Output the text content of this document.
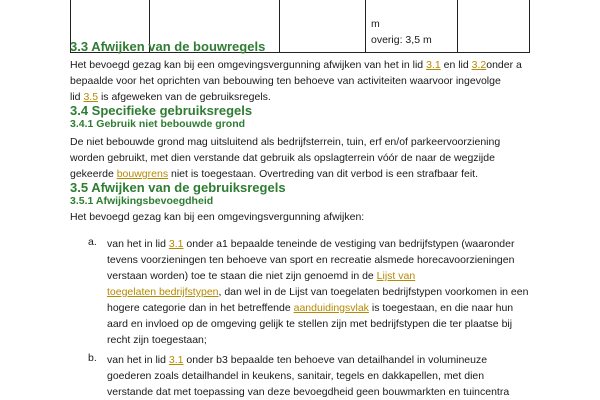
m
overig: 3,5 m
3.3 Afwijken van de bouwregels
Het bevoegd gezag kan bij een omgevingsvergunning afwijken van het in lid 3.1 en lid 3.2onder a
bepaalde voor het oprichten van bebouwing ten behoeve van activiteiten waarvoor ingevolge
lid 3.5 is afgeweken van de gebruiksregels.
3.4 Specifieke gebruiksregels
3.4.1 Gebruik niet bebouwde grond
De niet bebouwde grond mag uitsluitend als bedrijfsterrein, tuin, erf en/of parkeervoorziening
worden gebruikt, met dien verstande dat gebruik als opslagterrein vóór de naar de wegzijde
gekeerde bouwgrens niet is toegestaan. Overtreding van dit verbod is een strafbaar feit.
3.5 Afwijken van de gebruiksregels
3.5.1 Afwijkingsbevoegdheid
Het bevoegd gezag kan bij een omgevingsvergunning afwijken:
a. van het in lid 3.1 onder a1 bepaalde teneinde de vestiging van bedrijfstypen (waaronder
tevens voorzieningen ten behoeve van sport en recreatie alsmede horecavoorzieningen
verstaan worden) toe te staan die niet zijn genoemd in de Lijst van
toegelaten bedrijfstypen, dan wel in de Lijst van toegelaten bedrijfstypen voorkomen in een
hogere categorie dan in het betreffende aanduidingsvlak is toegestaan, en die naar hun
aard en invloed op de omgeving gelijk te stellen zijn met bedrijfstypen die ter plaatse bij
recht zijn toegestaan;
b. van het in lid 3.1 onder b3 bepaalde ten behoeve van detailhandel in volumineuze
goederen zoals detailhandel in keukens, sanitair, tegels en dakkapellen, met dien
verstande dat met toepassing van deze bevoegdheid geen bouwmarkten en tuincentra
